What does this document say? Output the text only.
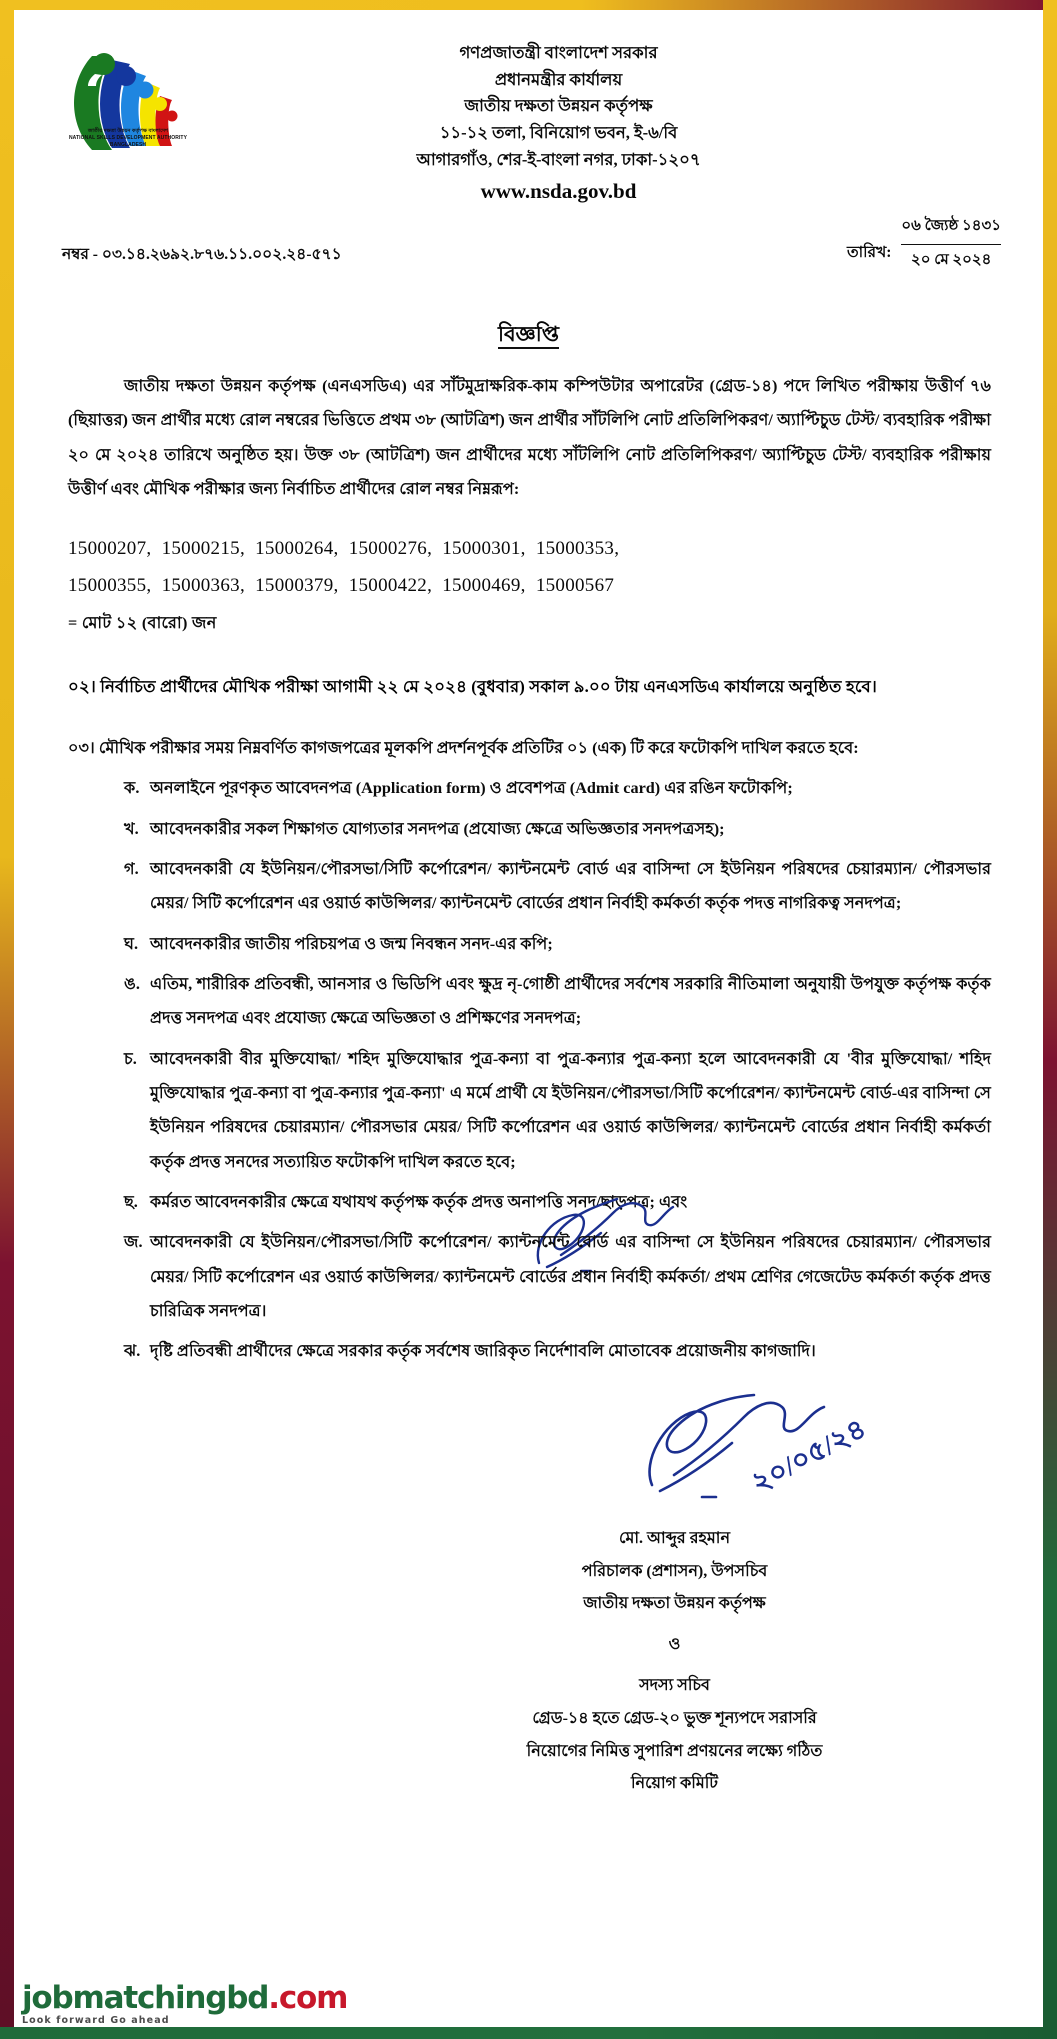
জাতীয় দক্ষতা উন্নয়ন কর্তৃপক্ষ বাংলাদেশ
NATIONAL SKILLS DEVELOPMENT AUTHORITY BANGLADESH
গণপ্রজাতন্ত্রী বাংলাদেশ সরকার
প্রধানমন্ত্রীর কার্যালয়
জাতীয় দক্ষতা উন্নয়ন কর্তৃপক্ষ
১১-১২ তলা, বিনিয়োগ ভবন, ই-৬/বি
আগারগাঁও, শের-ই-বাংলা নগর, ঢাকা-১২০৭
www.nsda.gov.bd
নম্বর - ০৩.১৪.২৬৯২.৮৭৬.১১.০০২.২৪-৫৭১	তারিখ:
০৬ জ্যৈষ্ঠ ১৪৩১
২০ মে ২০২৪
বিজ্ঞপ্তি

জাতীয় দক্ষতা উন্নয়ন কর্তৃপক্ষ (এনএসডিএ) এর সাঁটমুদ্রাক্ষরিক-কাম কম্পিউটার অপারেটর (গ্রেড-১৪) পদে লিখিত পরীক্ষায় উত্তীর্ণ ৭৬ (ছিয়াত্তর) জন প্রার্থীর মধ্যে রোল নম্বরের ভিত্তিতে প্রথম ৩৮ (আটত্রিশ) জন প্রার্থীর সাঁটলিপি নোট প্রতিলিপিকরণ/ অ্যাপ্টিচুড টেস্ট/ ব্যবহারিক পরীক্ষা ২০ মে ২০২৪ তারিখে অনুষ্ঠিত হয়। উক্ত ৩৮ (আটত্রিশ) জন প্রার্থীদের মধ্যে সাঁটলিপি নোট প্রতিলিপিকরণ/ অ্যাপ্টিচুড টেস্ট/ ব্যবহারিক পরীক্ষায় উত্তীর্ণ এবং মৌখিক পরীক্ষার জন্য নির্বাচিত প্রার্থীদের রোল নম্বর নিম্নরূপ:

15000207,  15000215,  15000264,  15000276,  15000301,  15000353,
15000355,  15000363,  15000379,  15000422,  15000469,  15000567
= মোট ১২ (বারো) জন

০২। নির্বাচিত প্রার্থীদের মৌখিক পরীক্ষা আগামী ২২ মে ২০২৪ (বুধবার) সকাল ৯.০০ টায় এনএসডিএ কার্যালয়ে অনুষ্ঠিত হবে।

০৩। মৌখিক পরীক্ষার সময় নিম্নবর্ণিত কাগজপত্রের মূলকপি প্রদর্শনপূর্বক প্রতিটির ০১ (এক) টি করে ফটোকপি দাখিল করতে হবে:

ক. অনলাইনে পূরণকৃত আবেদনপত্র (Application form) ও প্রবেশপত্র (Admit card) এর রঙিন ফটোকপি;
খ. আবেদনকারীর সকল শিক্ষাগত যোগ্যতার সনদপত্র (প্রযোজ্য ক্ষেত্রে অভিজ্ঞতার সনদপত্রসহ);
গ. আবেদনকারী যে ইউনিয়ন/পৌরসভা/সিটি কর্পোরেশন/ ক্যান্টনমেন্ট বোর্ড এর বাসিন্দা সে ইউনিয়ন পরিষদের চেয়ারম্যান/ পৌরসভার মেয়র/ সিটি কর্পোরেশন এর ওয়ার্ড কাউন্সিলর/ ক্যান্টনমেন্ট বোর্ডের প্রধান নির্বাহী কর্মকর্তা কর্তৃক পদত্ত নাগরিকত্ব সনদপত্র;
ঘ. আবেদনকারীর জাতীয় পরিচয়পত্র ও জন্ম নিবন্ধন সনদ-এর কপি;
ঙ. এতিম, শারীরিক প্রতিবন্ধী, আনসার ও ভিডিপি এবং ক্ষুদ্র নৃ-গোষ্ঠী প্রার্থীদের সর্বশেষ সরকারি নীতিমালা অনুযায়ী উপযুক্ত কর্তৃপক্ষ কর্তৃক প্রদত্ত সনদপত্র এবং প্রযোজ্য ক্ষেত্রে অভিজ্ঞতা ও প্রশিক্ষণের সনদপত্র;
চ. আবেদনকারী বীর মুক্তিযোদ্ধা/ শহিদ মুক্তিযোদ্ধার পুত্র-কন্যা বা পুত্র-কন্যার পুত্র-কন্যা হলে আবেদনকারী যে 'বীর মুক্তিযোদ্ধা/ শহিদ মুক্তিযোদ্ধার পুত্র-কন্যা বা পুত্র-কন্যার পুত্র-কন্যা' এ মর্মে প্রার্থী যে ইউনিয়ন/পৌরসভা/সিটি কর্পোরেশন/ ক্যান্টনমেন্ট বোর্ড-এর বাসিন্দা সে ইউনিয়ন পরিষদের চেয়ারম্যান/ পৌরসভার মেয়র/ সিটি কর্পোরেশন এর ওয়ার্ড কাউন্সিলর/ ক্যান্টনমেন্ট বোর্ডের প্রধান নির্বাহী কর্মকর্তা কর্তৃক প্রদত্ত সনদের সত্যায়িত ফটোকপি দাখিল করতে হবে;
ছ. কর্মরত আবেদনকারীর ক্ষেত্রে যথাযথ কর্তৃপক্ষ কর্তৃক প্রদত্ত অনাপত্তি সনদ/ছাড়পত্র; এবং
জ. আবেদনকারী যে ইউনিয়ন/পৌরসভা/সিটি কর্পোরেশন/ ক্যান্টনমেন্ট বোর্ড এর বাসিন্দা সে ইউনিয়ন পরিষদের চেয়ারম্যান/ পৌরসভার মেয়র/ সিটি কর্পোরেশন এর ওয়ার্ড কাউন্সিলর/ ক্যান্টনমেন্ট বোর্ডের প্রধান নির্বাহী কর্মকর্তা/ প্রথম শ্রেণির গেজেটেড কর্মকর্তা কর্তৃক প্রদত্ত চারিত্রিক সনদপত্র।
ঝ. দৃষ্টি প্রতিবন্ধী প্রার্থীদের ক্ষেত্রে সরকার কর্তৃক সর্বশেষ জারিকৃত নির্দেশাবলি মোতাবেক প্রয়োজনীয় কাগজাদি।
২০/০৫/২৪
মো. আব্দুর রহমান
পরিচালক (প্রশাসন), উপসচিব
জাতীয় দক্ষতা উন্নয়ন কর্তৃপক্ষ
ও
সদস্য সচিব
গ্রেড-১৪ হতে গ্রেড-২০ ভুক্ত শূন্যপদে সরাসরি
নিয়োগের নিমিত্ত সুপারিশ প্রণয়নের লক্ষ্যে গঠিত
নিয়োগ কমিটি
jobmatchingbd.com
Look forward Go ahead
